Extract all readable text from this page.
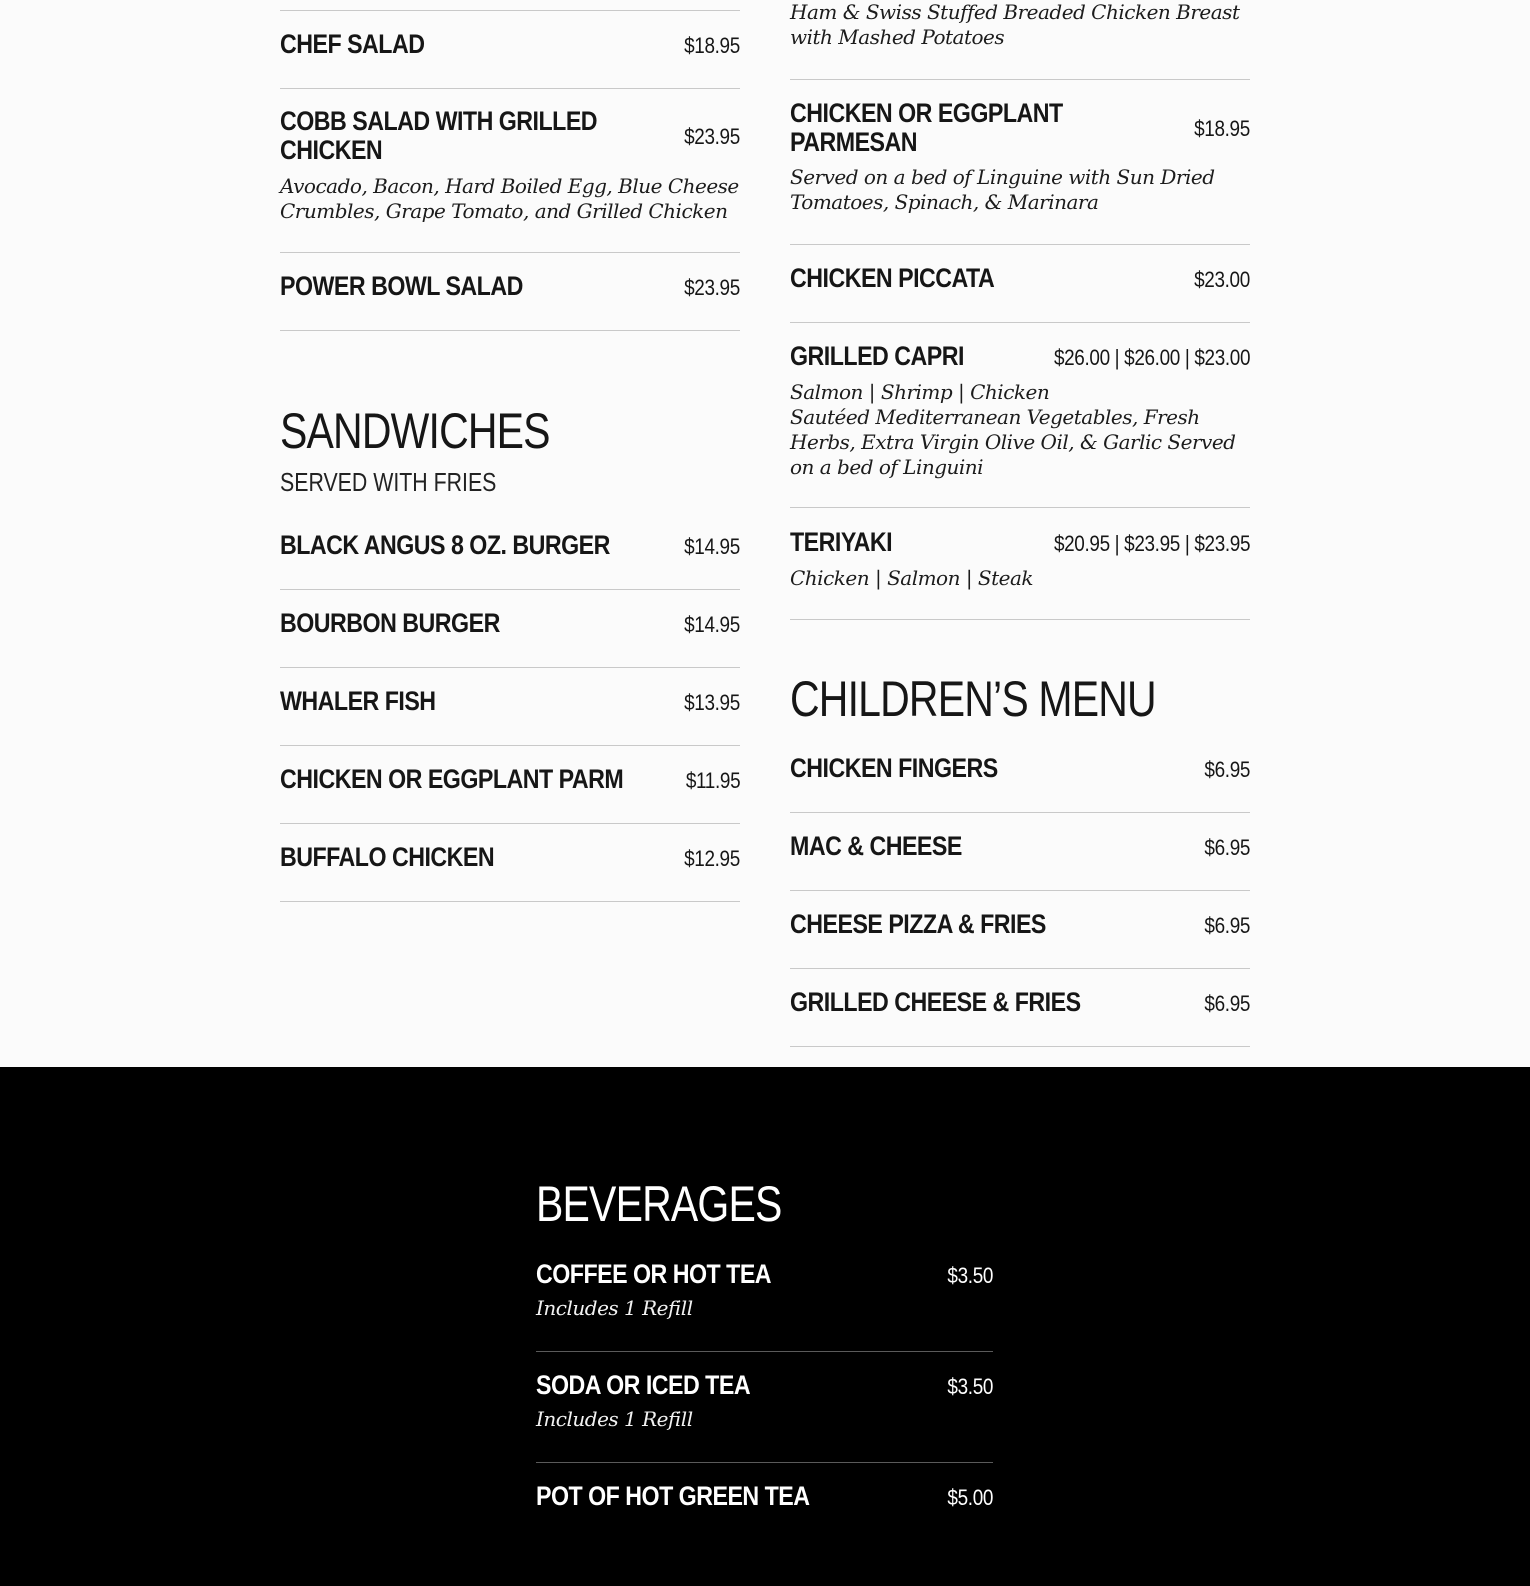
CHEF SALAD	$18.95
COBB SALAD WITH GRILLED CHICKEN	$23.95
Avocado, Bacon, Hard Boiled Egg, Blue Cheese Crumbles, Grape Tomato, and Grilled Chicken
POWER BOWL SALAD	$23.95
SANDWICHES
SERVED WITH FRIES
BLACK ANGUS 8 OZ. BURGER	$14.95
BOURBON BURGER	$14.95
WHALER FISH	$13.95
CHICKEN OR EGGPLANT PARM	$11.95
BUFFALO CHICKEN	$12.95
Ham & Swiss Stuffed Breaded Chicken Breast with Mashed Potatoes
CHICKEN OR EGGPLANT PARMESAN	$18.95
Served on a bed of Linguine with Sun Dried Tomatoes, Spinach, & Marinara
CHICKEN PICCATA	$23.00
GRILLED CAPRI	$26.00 | $26.00 | $23.00
Salmon | Shrimp | Chicken
Sautéed Mediterranean Vegetables, Fresh Herbs, Extra Virgin Olive Oil, & Garlic Served on a bed of Linguini
TERIYAKI	$20.95 | $23.95 | $23.95
Chicken | Salmon | Steak
CHILDREN’S MENU
CHICKEN FINGERS	$6.95
MAC & CHEESE	$6.95
CHEESE PIZZA & FRIES	$6.95
GRILLED CHEESE & FRIES	$6.95
BEVERAGES
COFFEE OR HOT TEA	$3.50
Includes 1 Refill
SODA OR ICED TEA	$3.50
Includes 1 Refill
POT OF HOT GREEN TEA	$5.00
